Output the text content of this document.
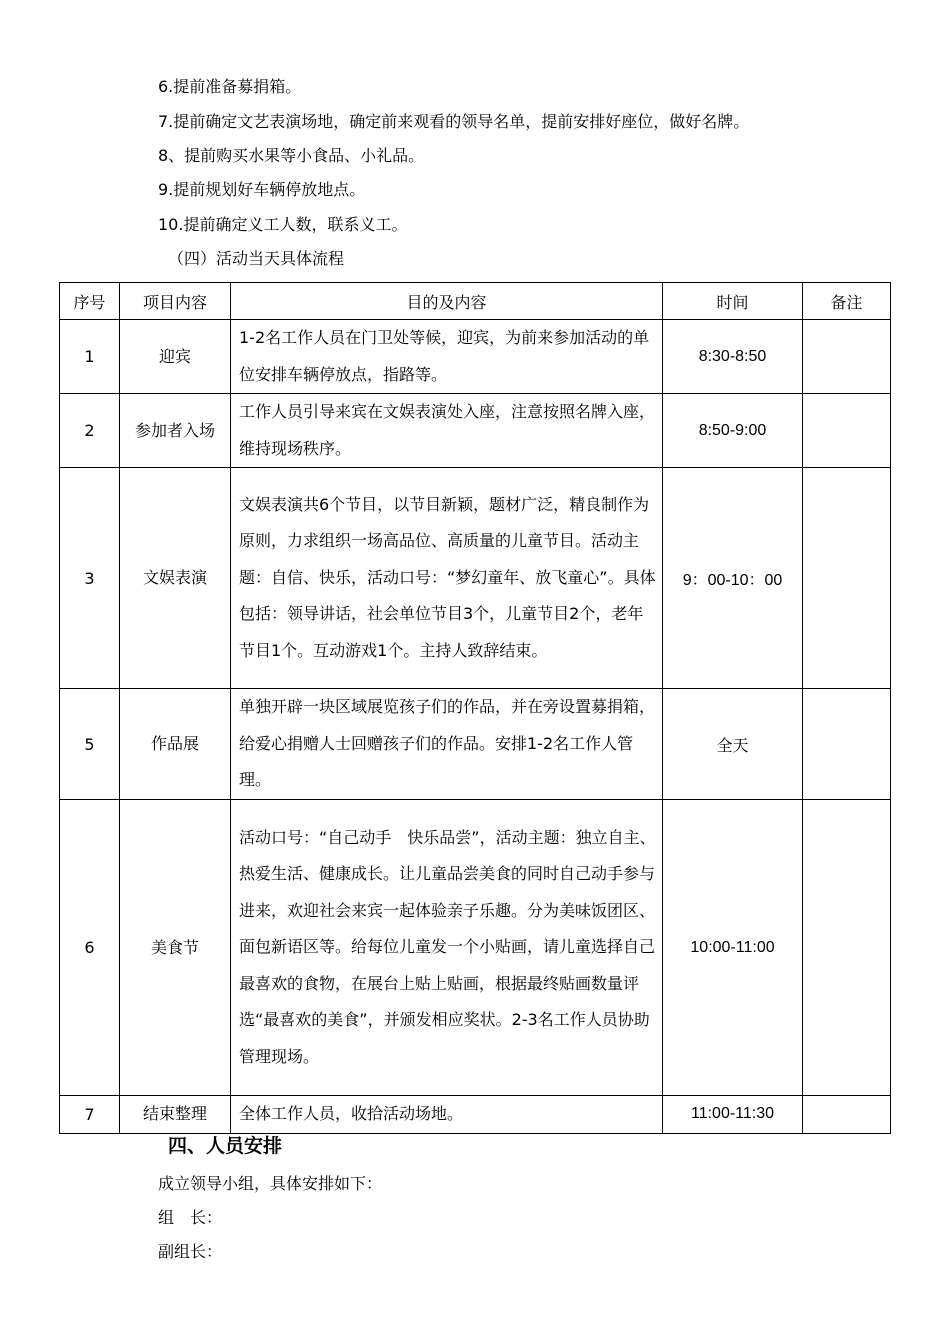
6.提前准备募捐箱。
7.提前确定文艺表演场地，确定前来观看的领导名单，提前安排好座位，做好名牌。
8、提前购买水果等小食品、小礼品。
9.提前规划好车辆停放地点。
10.提前确定义工人数，联系义工。
（四）活动当天具体流程
序号	项目内容	目的及内容	时间	备注
1	迎宾	1-2名工作人员在门卫处等候，迎宾，为前来参加活动的单位安排车辆停放点，指路等。	8:30-8:50	
2	参加者入场	工作人员引导来宾在文娱表演处入座，注意按照名牌入座，维持现场秩序。	8:50-9:00	
3	文娱表演	文娱表演共6个节目，以节目新颖，题材广泛，精良制作为原则，力求组织一场高品位、高质量的儿童节目。活动主题：自信、快乐，活动口号：“梦幻童年、放飞童心”。具体包括：领导讲话，社会单位节目3个，儿童节目2个，老年节目1个。互动游戏1个。主持人致辞结束。	9：00-10：00	
5	作品展	单独开辟一块区域展览孩子们的作品，并在旁设置募捐箱，给爱心捐赠人士回赠孩子们的作品。安排1-2名工作人管理。	全天	
6	美食节	活动口号：“自己动手　快乐品尝”，活动主题：独立自主、热爱生活、健康成长。让儿童品尝美食的同时自己动手参与进来，欢迎社会来宾一起体验亲子乐趣。分为美味饭团区、面包新语区等。给每位儿童发一个小贴画，请儿童选择自己最喜欢的食物，在展台上贴上贴画，根据最终贴画数量评选“最喜欢的美食”，并颁发相应奖状。2-3名工作人员协助管理现场。	10:00-11:00	
7	结束整理	全体工作人员，收拾活动场地。	11:00-11:30	
四、人员安排
成立领导小组，具体安排如下：
组　长：
副组长：
